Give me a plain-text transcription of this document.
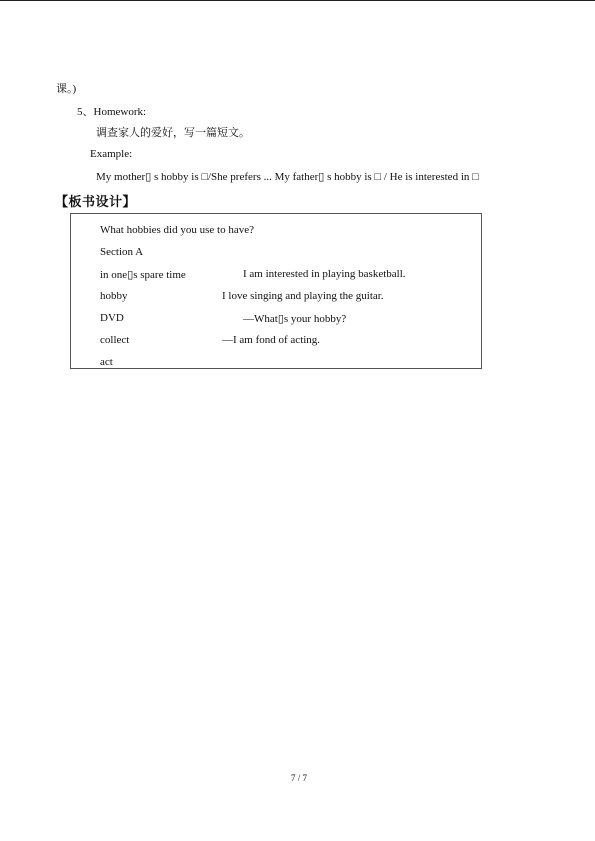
课。)
5、Homework:
调查家人的爱好，写一篇短文。
Example:
My mother▯ s hobby is □/She prefers ... My father▯ s hobby is □ / He is interested in □
【板书设计】
What hobbies did you use to have?
Section A
in one▯s spare time
hobby
DVD
collect
act
I am interested in playing basketball.
I love singing and playing the guitar.
—What▯s your hobby?
—I am fond of acting.
7 / 7
